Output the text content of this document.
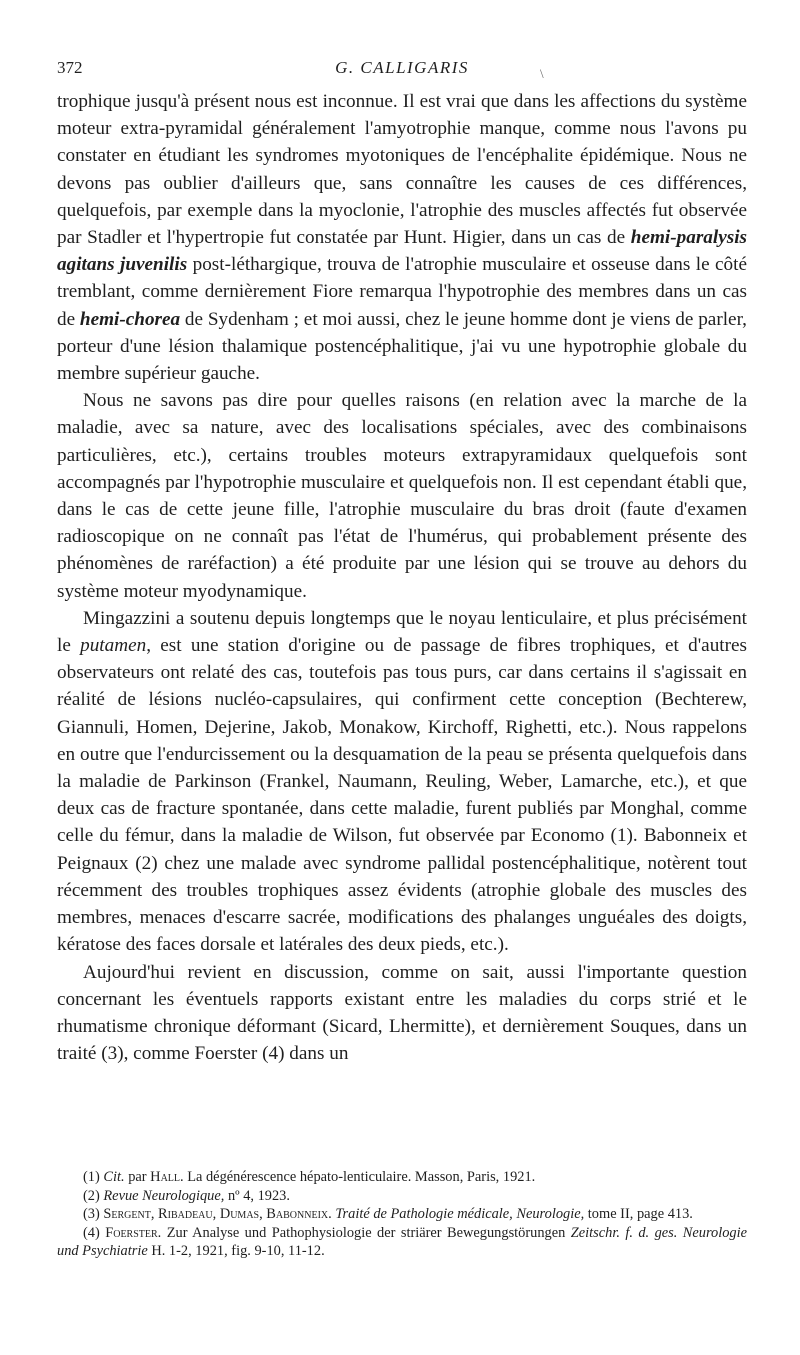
372	G. CALLIGARIS	\

trophique jusqu'à présent nous est inconnue. Il est vrai que dans les affections du système moteur extra-pyramidal généralement l'amyotrophie manque, comme nous l'avons pu constater en étudiant les syndromes myotoniques de l'encéphalite épidémique. Nous ne devons pas oublier d'ailleurs que, sans connaître les causes de ces différences, quelquefois, par exemple dans la myoclonie, l'atrophie des muscles affectés fut observée par Stadler et l'hypertropie fut constatée par Hunt. Higier, dans un cas de hemi-paralysis agitans juvenilis post-léthargique, trouva de l'atrophie musculaire et osseuse dans le côté tremblant, comme dernièrement Fiore remarqua l'hypotrophie des membres dans un cas de hemi-chorea de Sydenham ; et moi aussi, chez le jeune homme dont je viens de parler, porteur d'une lésion thalamique postencéphalitique, j'ai vu une hypotrophie globale du membre supérieur gauche.

Nous ne savons pas dire pour quelles raisons (en relation avec la marche de la maladie, avec sa nature, avec des localisations spéciales, avec des combinaisons particulières, etc.), certains troubles moteurs extrapyramidaux quelquefois sont accompagnés par l'hypotrophie musculaire et quelquefois non. Il est cependant établi que, dans le cas de cette jeune fille, l'atrophie musculaire du bras droit (faute d'examen radioscopique on ne connaît pas l'état de l'humérus, qui probablement présente des phénomènes de raréfaction) a été produite par une lésion qui se trouve au dehors du système moteur myodynamique.

Mingazzini a soutenu depuis longtemps que le noyau lenticulaire, et plus précisément le putamen, est une station d'origine ou de passage de fibres trophiques, et d'autres observateurs ont relaté des cas, toutefois pas tous purs, car dans certains il s'agissait en réalité de lésions nucléo-capsulaires, qui confirment cette conception (Bechterew, Giannuli, Homen, Dejerine, Jakob, Monakow, Kirchoff, Righetti, etc.). Nous rappelons en outre que l'endurcissement ou la desquamation de la peau se présenta quelquefois dans la maladie de Parkinson (Frankel, Naumann, Reuling, Weber, Lamarche, etc.), et que deux cas de fracture spontanée, dans cette maladie, furent publiés par Monghal, comme celle du fémur, dans la maladie de Wilson, fut observée par Economo (1). Babonneix et Peignaux (2) chez une malade avec syndrome pallidal postencéphalitique, notèrent tout récemment des troubles trophiques assez évidents (atrophie globale des muscles des membres, menaces d'escarre sacrée, modifications des phalanges unguéales des doigts, kératose des faces dorsale et latérales des deux pieds, etc.).

Aujourd'hui revient en discussion, comme on sait, aussi l'importante question concernant les éventuels rapports existant entre les maladies du corps strié et le rhumatisme chronique déformant (Sicard, Lhermitte), et dernièrement Souques, dans un traité (3), comme Foerster (4) dans un

(1) Cit. par Hall. La dégénérescence hépato-lenticulaire. Masson, Paris, 1921.

(2) Revue Neurologique, nº 4, 1923.

(3) Sergent, Ribadeau, Dumas, Babonneix. Traité de Pathologie médicale, Neurologie, tome II, page 413.

(4) Foerster. Zur Analyse und Pathophysiologie der striärer Bewegungstörungen Zeitschr. f. d. ges. Neurologie und Psychiatrie H. 1-2, 1921, fig. 9-10, 11-12.
